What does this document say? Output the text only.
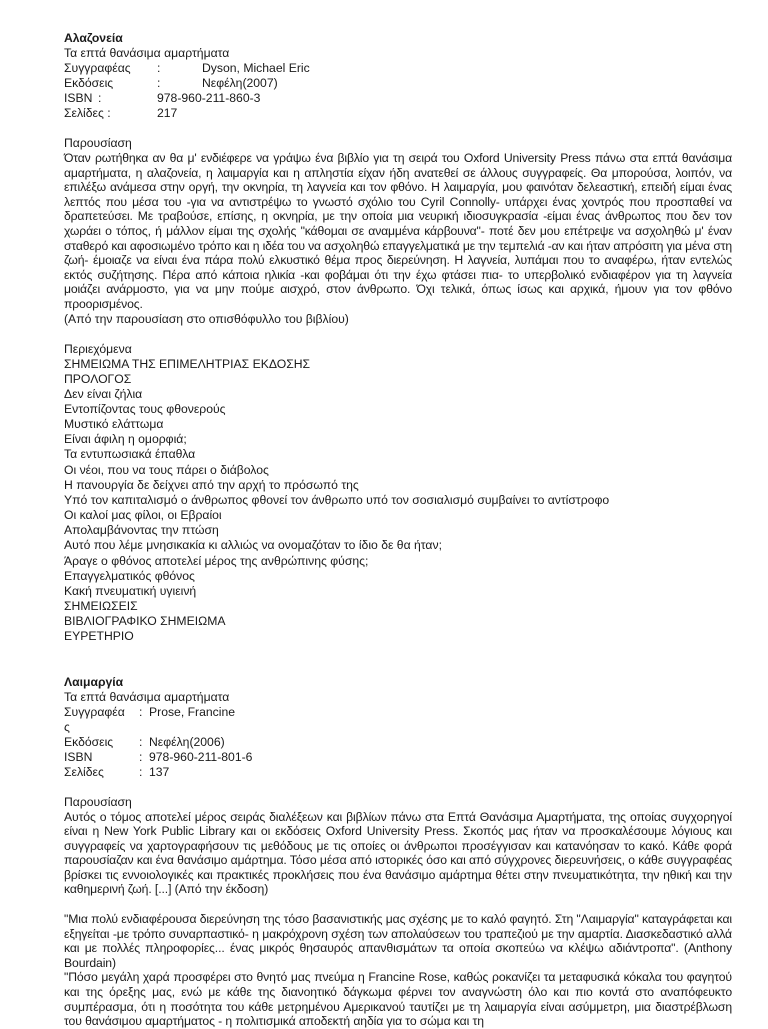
Αλαζονεία
Τα επτά θανάσιμα αμαρτήματα
Συγγραφέας	:	Dyson, Michael Eric
Εκδόσεις	:	Νεφέλη(2007)
ISBN :	978-960-211-860-3
Σελίδες :	217
Παρουσίαση
Όταν ρωτήθηκα αν θα μ' ενδιέφερε να γράψω ένα βιβλίο για τη σειρά του Oxford University Press πάνω στα επτά θανάσιμα αμαρτήματα, η αλαζονεία, η λαιμαργία και η απληστία είχαν ήδη ανατεθεί σε άλλους συγγραφείς. Θα μπορούσα, λοιπόν, να επιλέξω ανάμεσα στην οργή, την οκνηρία, τη λαγνεία και τον φθόνο. Η λαιμαργία, μου φαινόταν δελεαστική, επειδή είμαι ένας λεπτός που μέσα του -για να αντιστρέψω το γνωστό σχόλιο του Cyril Connolly- υπάρχει ένας χοντρός που προσπαθεί να δραπετεύσει. Με τραβούσε, επίσης, η οκνηρία, με την οποία μια νευρική ιδιοσυγκρασία -είμαι ένας άνθρωπος που δεν τον χωράει ο τόπος, ή μάλλον είμαι της σχολής "κάθομαι σε αναμμένα κάρβουνα"- ποτέ δεν μου επέτρεψε να ασχοληθώ μ' έναν σταθερό και αφοσιωμένο τρόπο και η ιδέα του να ασχοληθώ επαγγελματικά με την τεμπελιά -αν και ήταν απρόσιτη για μένα στη ζωή- έμοιαζε να είναι ένα πάρα πολύ ελκυστικό θέμα προς διερεύνηση. Η λαγνεία, λυπάμαι που το αναφέρω, ήταν εντελώς εκτός συζήτησης. Πέρα από κάποια ηλικία -και φοβάμαι ότι την έχω φτάσει πια- το υπερβολικό ενδιαφέρον για τη λαγνεία μοιάζει ανάρμοστο, για να μην πούμε αισχρό, στον άνθρωπο. Όχι τελικά, όπως ίσως και αρχικά, ήμουν για τον φθόνο προορισμένος.
(Από την παρουσίαση στο οπισθόφυλλο του βιβλίου)
Περιεχόμενα
ΣΗΜΕΙΩΜΑ ΤΗΣ ΕΠΙΜΕΛΗΤΡΙΑΣ ΕΚΔΟΣΗΣ
ΠΡΟΛΟΓΟΣ
Δεν είναι ζήλια
Εντοπίζοντας τους φθονερούς
Μυστικό ελάττωμα
Είναι άφιλη η ομορφιά;
Τα εντυπωσιακά έπαθλα
Οι νέοι, που να τους πάρει ο διάβολος
Η πανουργία δε δείχνει από την αρχή το πρόσωπό της
Υπό τον καπιταλισμό ο άνθρωπος φθονεί τον άνθρωπο υπό τον σοσιαλισμό συμβαίνει το αντίστροφο
Οι καλοί μας φίλοι, οι Εβραίοι
Απολαμβάνοντας την πτώση
Αυτό που λέμε μνησικακία κι αλλιώς να ονομαζόταν το ίδιο δε θα ήταν;
Άραγε ο φθόνος αποτελεί μέρος της ανθρώπινης φύσης;
Επαγγελματικός φθόνος
Κακή πνευματική υγιεινή
ΣΗΜΕΙΩΣΕΙΣ
ΒΙΒΛΙΟΓΡΑΦΙΚΟ ΣΗΜΕΙΩΜΑ
ΕΥΡΕΤΗΡΙΟ
Λαιμαργία
Τα επτά θανάσιμα αμαρτήματα
Συγγραφέα	: Prose, Francine
ς
Εκδόσεις	: Νεφέλη(2006)
ISBN	: 978-960-211-801-6
Σελίδες	: 137
Παρουσίαση
Αυτός ο τόμος αποτελεί μέρος σειράς διαλέξεων και βιβλίων πάνω στα Επτά Θανάσιμα Αμαρτήματα, της οποίας συγχορηγοί είναι η New York Public Library και οι εκδόσεις Oxford University Press. Σκοπός μας ήταν να προσκαλέσουμε λόγιους και συγγραφείς να χαρτογραφήσουν τις μεθόδους με τις οποίες οι άνθρωποι προσέγγισαν και κατανόησαν το κακό. Κάθε φορά παρουσίαζαν και ένα θανάσιμο αμάρτημα. Τόσο μέσα από ιστορικές όσο και από σύγχρονες διερευνήσεις, ο κάθε συγγραφέας βρίσκει τις εννοιολογικές και πρακτικές προκλήσεις που ένα θανάσιμο αμάρτημα θέτει στην πνευματικότητα, την ηθική και την καθημερινή ζωή. [...] (Από την έκδοση)
"Μια πολύ ενδιαφέρουσα διερεύνηση της τόσο βασανιστικής μας σχέσης με το καλό φαγητό. Στη "Λαιμαργία" καταγράφεται και εξηγείται -με τρόπο συναρπαστικό- η μακρόχρονη σχέση των απολαύσεων του τραπεζιού με την αμαρτία. Διασκεδαστικό αλλά και με πολλές πληροφορίες... ένας μικρός θησαυρός απανθισμάτων τα οποία σκοπεύω να κλέψω αδιάντροπα". (Anthony Bourdain)
"Πόσο μεγάλη χαρά προσφέρει στο θνητό μας πνεύμα η Francine Rose, καθώς ροκανίζει τα μεταφυσικά κόκαλα του φαγητού και της όρεξης μας, ενώ με κάθε της διανοητικό δάγκωμα φέρνει τον αναγνώστη όλο και πιο κοντά στο αναπόφευκτο συμπέρασμα, ότι η ποσότητα του κάθε μετρημένου Αμερικανού ταυτίζει με τη λαιμαργία είναι ασύμμετρη, μια διαστρέβλωση του θανάσιμου αμαρτήματος - η πολιτισμικά αποδεκτή αηδία για το σώμα και τη
